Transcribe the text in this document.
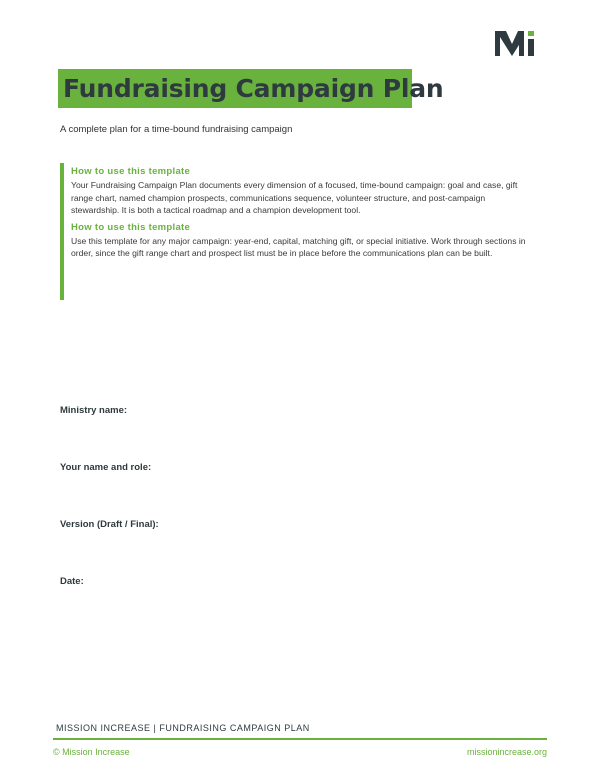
Fundraising Campaign Plan
A complete plan for a time-bound fundraising campaign
How to use this template
Your Fundraising Campaign Plan documents every dimension of a focused, time-bound campaign: goal and case, gift range chart, named champion prospects, communications sequence, volunteer structure, and post-campaign stewardship. It is both a tactical roadmap and a champion development tool.
How to use this template
Use this template for any major campaign: year-end, capital, matching gift, or special initiative. Work through sections in order, since the gift range chart and prospect list must be in place before the communications plan can be built.
Ministry name:
Your name and role:
Version (Draft / Final):
Date:
MISSION INCREASE | FUNDRAISING CAMPAIGN PLAN
© Mission Increase	missionincrease.org
